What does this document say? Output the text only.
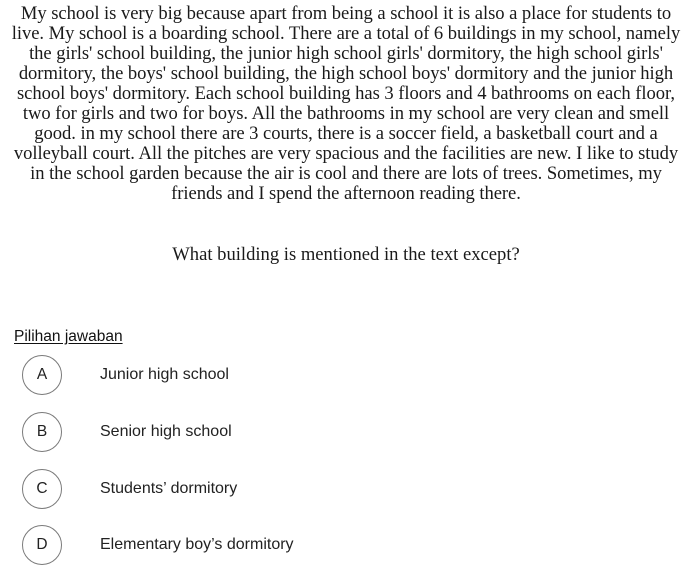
My school is very big because apart from being a school it is also a place for students to live. My school is a boarding school. There are a total of 6 buildings in my school, namely the girls' school building, the junior high school girls' dormitory, the high school girls' dormitory, the boys' school building, the high school boys' dormitory and the junior high school boys' dormitory. Each school building has 3 floors and 4 bathrooms on each floor, two for girls and two for boys. All the bathrooms in my school are very clean and smell good. in my school there are 3 courts, there is a soccer field, a basketball court and a volleyball court. All the pitches are very spacious and the facilities are new. I like to study in the school garden because the air is cool and there are lots of trees. Sometimes, my friends and I spend the afternoon reading there.

What building is mentioned in the text except?

Pilihan jawaban

A	Junior high school
B	Senior high school
C	Students’ dormitory
D	Elementary boy’s dormitory
